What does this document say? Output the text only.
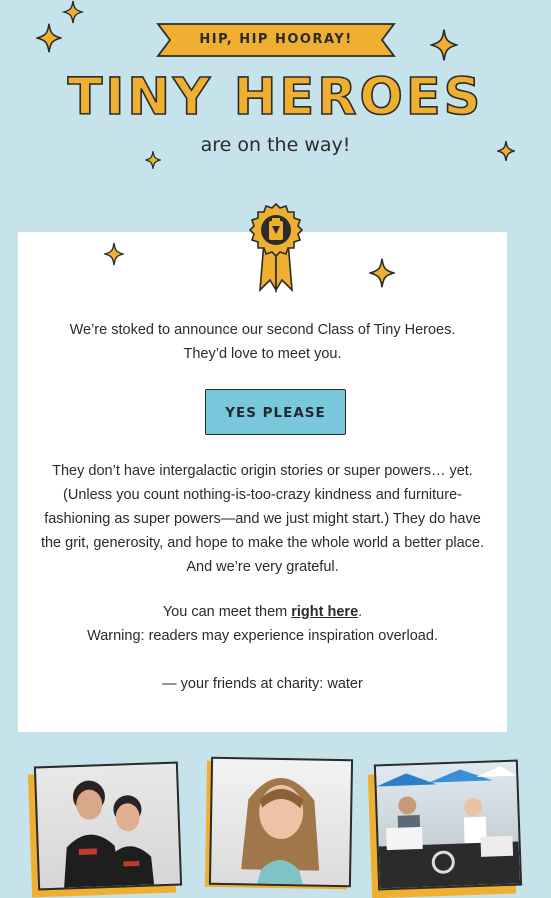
HIP, HIP HOORAY!
TINY HEROES
are on the way!

We’re stoked to announce our second Class of Tiny Heroes. They’d love to meet you.

YES PLEASE

They don’t have intergalactic origin stories or super powers… yet. (Unless you count nothing-is-too-crazy kindness and furniture-fashioning as super powers—and we just might start.) They do have the grit, generosity, and hope to make the whole world a better place. And we’re very grateful.

You can meet them right here.

Warning: readers may experience inspiration overload.

— your friends at charity: water
